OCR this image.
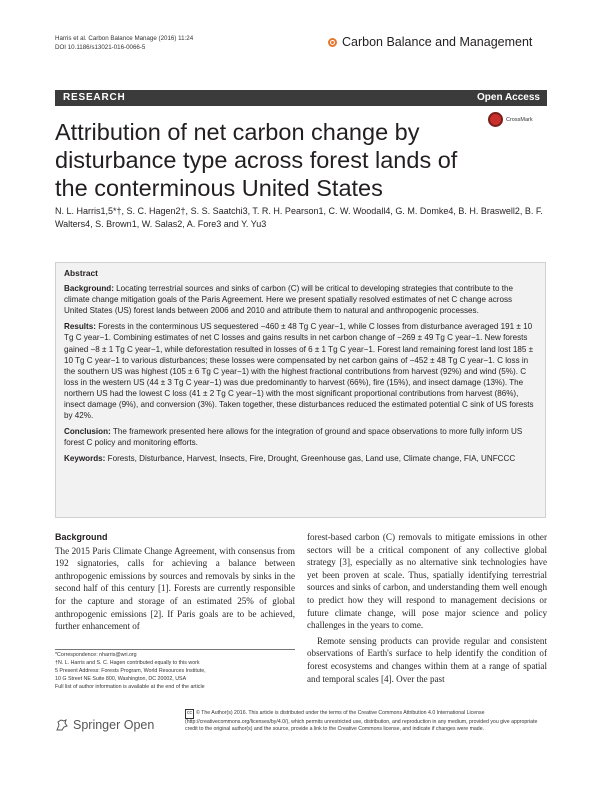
Harris et al. Carbon Balance Manage (2016) 11:24
DOI 10.1186/s13021-016-0066-5	Carbon Balance and Management
RESEARCH	Open Access
Attribution of net carbon change by disturbance type across forest lands of the conterminous United States
CrossMark
N. L. Harris1,5*†, S. C. Hagen2†, S. S. Saatchi3, T. R. H. Pearson1, C. W. Woodall4, G. M. Domke4, B. H. Braswell2, B. F. Walters4, S. Brown1, W. Salas2, A. Fore3 and Y. Yu3
Abstract

Background: Locating terrestrial sources and sinks of carbon (C) will be critical to developing strategies that contribute to the climate change mitigation goals of the Paris Agreement. Here we present spatially resolved estimates of net C change across United States (US) forest lands between 2006 and 2010 and attribute them to natural and anthropogenic processes.

Results: Forests in the conterminous US sequestered −460 ± 48 Tg C year−1, while C losses from disturbance averaged 191 ± 10 Tg C year−1. Combining estimates of net C losses and gains results in net carbon change of −269 ± 49 Tg C year−1. New forests gained −8 ± 1 Tg C year−1, while deforestation resulted in losses of 6 ± 1 Tg C year−1. Forest land remaining forest land lost 185 ± 10 Tg C year−1 to various disturbances; these losses were compensated by net carbon gains of −452 ± 48 Tg C year−1. C loss in the southern US was highest (105 ± 6 Tg C year−1) with the highest fractional contributions from harvest (92%) and wind (5%). C loss in the western US (44 ± 3 Tg C year−1) was due predominantly to harvest (66%), fire (15%), and insect damage (13%). The northern US had the lowest C loss (41 ± 2 Tg C year−1) with the most significant proportional contributions from harvest (86%), insect damage (9%), and conversion (3%). Taken together, these disturbances reduced the estimated potential C sink of US forests by 42%.

Conclusion: The framework presented here allows for the integration of ground and space observations to more fully inform US forest C policy and monitoring efforts.

Keywords: Forests, Disturbance, Harvest, Insects, Fire, Drought, Greenhouse gas, Land use, Climate change, FIA, UNFCCC

Background

The 2015 Paris Climate Change Agreement, with consensus from 192 signatories, calls for achieving a balance between anthropogenic emissions by sources and removals by sinks in the second half of this century [1]. Forests are currently responsible for the capture and storage of an estimated 25% of global anthropogenic emissions [2]. If Paris goals are to be achieved, further enhancement of

forest-based carbon (C) removals to mitigate emissions in other sectors will be a critical component of any collective global strategy [3], especially as no alternative sink technologies have yet been proven at scale. Thus, spatially identifying terrestrial sources and sinks of carbon, and understanding them well enough to predict how they will respond to management decisions or future climate change, will pose major science and policy challenges in the years to come.

Remote sensing products can provide regular and consistent observations of Earth's surface to help identify the condition of forest ecosystems and changes within them at a range of spatial and temporal scales [4]. Over the past

*Correspondence: nharris@wri.org
†N. L. Harris and S. C. Hagen contributed equally to this work
5 Present Address: Forests Program, World Resources Institute,
10 G Street NE Suite 800, Washington, DC 20002, USA
Full list of author information is available at the end of the article
Springer Open
cc © The Author(s) 2016. This article is distributed under the terms of the Creative Commons Attribution 4.0 International License (http://creativecommons.org/licenses/by/4.0/), which permits unrestricted use, distribution, and reproduction in any medium, provided you give appropriate credit to the original author(s) and the source, provide a link to the Creative Commons license, and indicate if changes were made.
